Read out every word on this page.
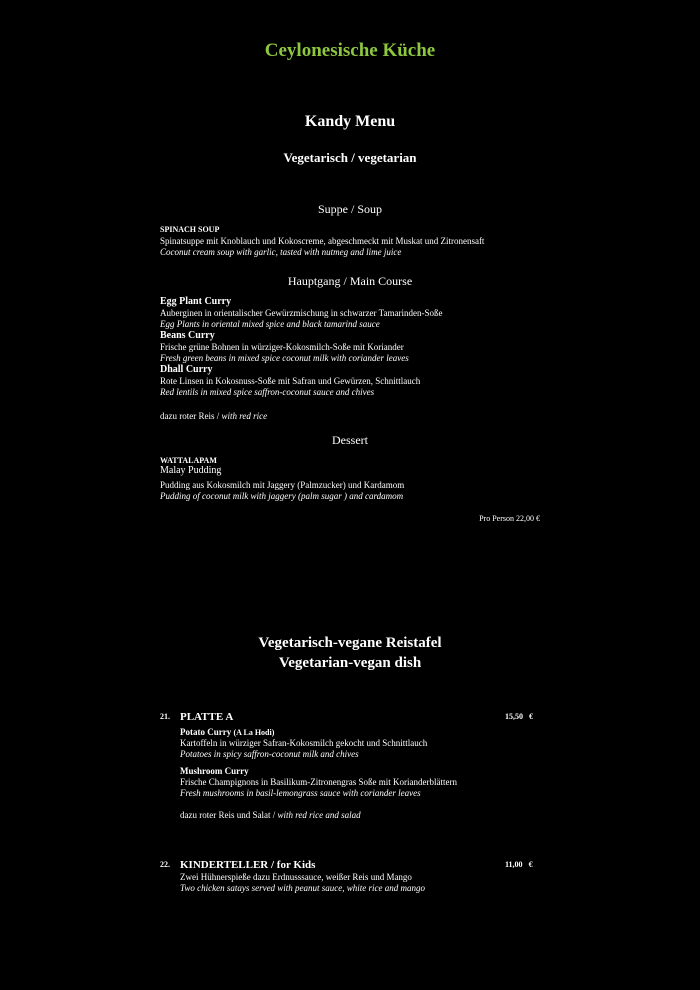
Ceylonesische Küche
Kandy Menu
Vegetarisch / vegetarian
Suppe / Soup
SPINACH SOUP
Spinatsuppe mit Knoblauch und Kokoscreme, abgeschmeckt mit Muskat und Zitronensaft
Coconut cream soup with garlic, tasted with nutmeg and lime juice
Hauptgang / Main Course
Egg Plant Curry
Auberginen in orientalischer Gewürzmischung in schwarzer Tamarinden-Soße
Egg Plants in oriental mixed spice and black tamarind sauce
Beans Curry
Frische grüne Bohnen in würziger-Kokosmilch-Soße mit Koriander
Fresh green beans in mixed spice coconut milk with coriander leaves
Dhall Curry
Rote Linsen in Kokosnuss-Soße mit Safran und Gewürzen, Schnittlauch
Red lentils in mixed spice saffron-coconut sauce and chives
dazu roter Reis / with red rice
Dessert
WATTALAPAM
Malay Pudding
Pudding aus Kokosmilch mit Jaggery (Palmzucker) und Kardamom
Pudding of coconut milk with jaggery (palm sugar ) and cardamom
Pro Person 22,00 €
Vegetarisch-vegane Reistafel
Vegetarian-vegan dish
21. PLATTE A	15,50 €
Potato Curry (A La Hodi)
Kartoffeln in würziger Safran-Kokosmilch gekocht und Schnittlauch
Potatoes in spicy saffron-coconut milk and chives
Mushroom Curry
Frische Champignons in Basilikum-Zitronengras Soße mit Korianderblättern
Fresh mushrooms in basil-lemongrass sauce with coriander leaves
dazu roter Reis und Salat / with red rice and salad
22. KINDERTELLER / for Kids	11,00 €
Zwei Hühnerspieße dazu Erdnusssauce, weißer Reis und Mango
Two chicken satays served with peanut sauce, white rice and mango
